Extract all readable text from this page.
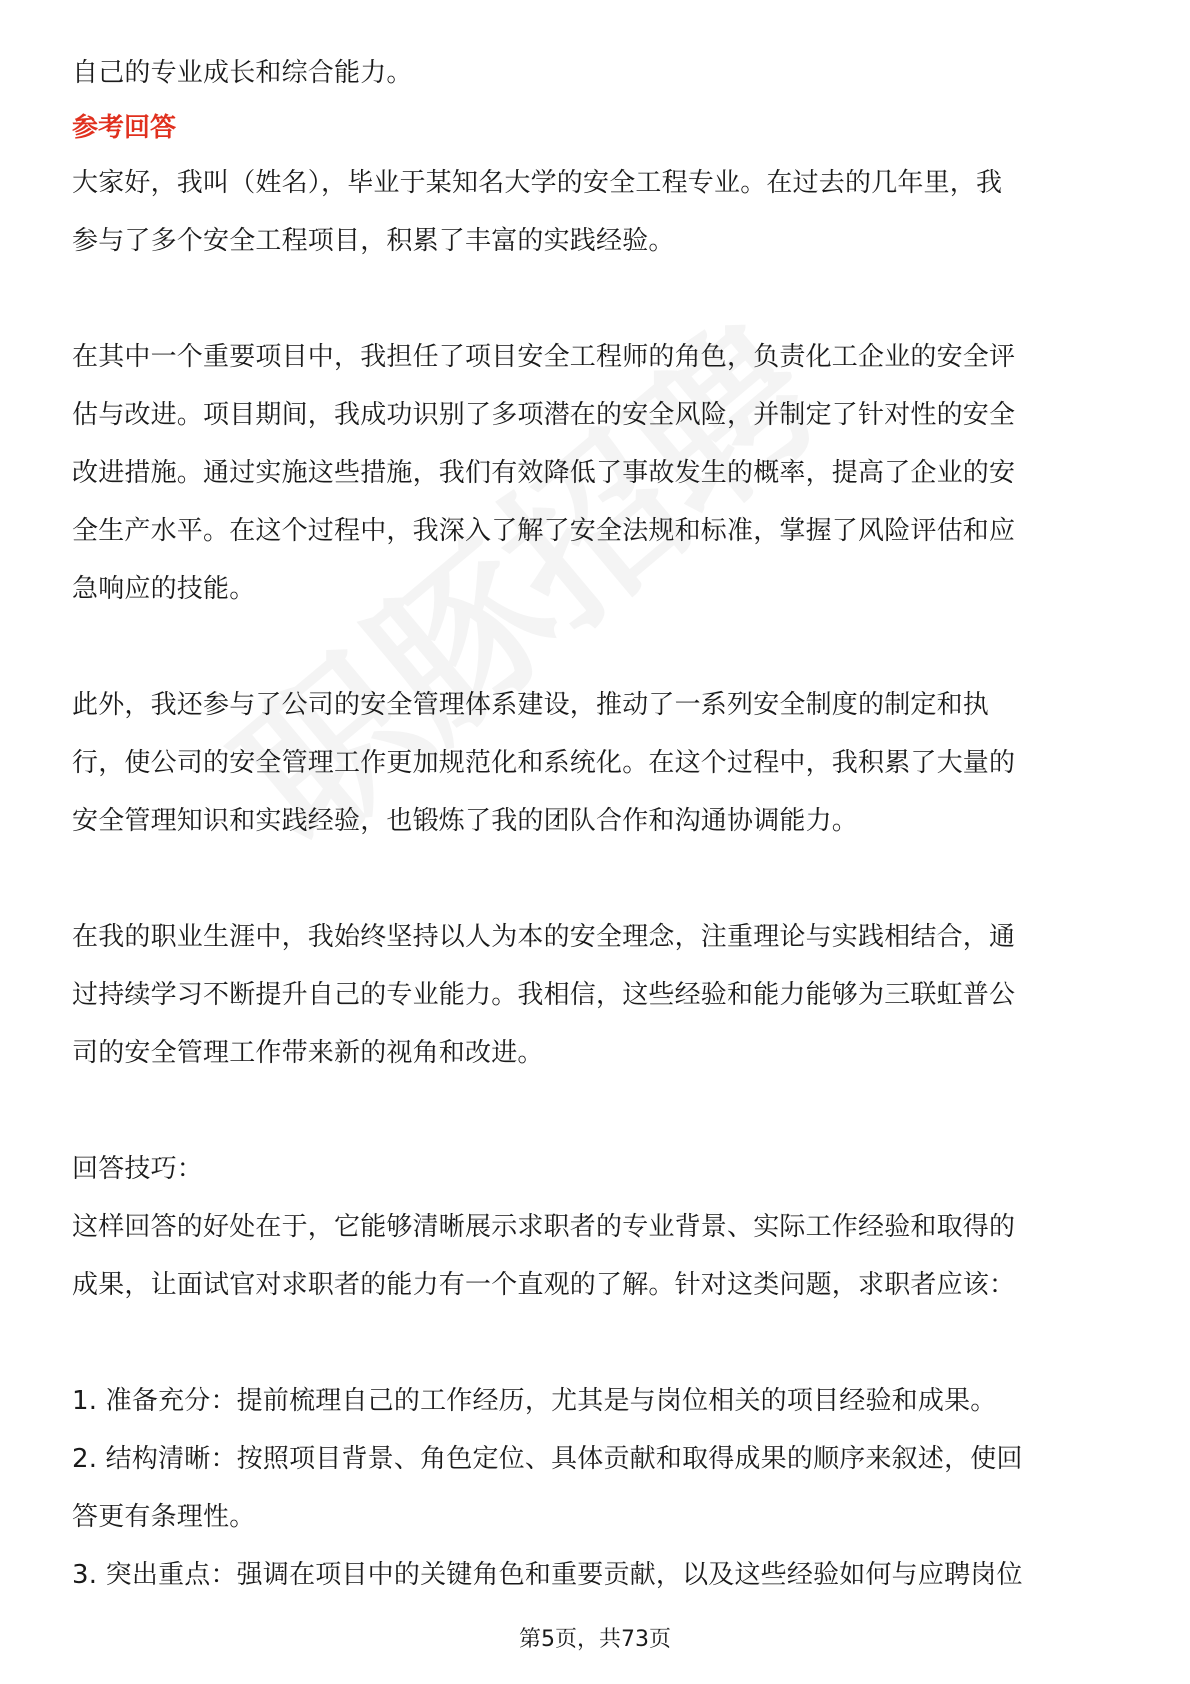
自己的专业成长和综合能力。
参考回答
大家好，我叫（姓名），毕业于某知名大学的安全工程专业。在过去的几年里，我
参与了多个安全工程项目，积累了丰富的实践经验。
在其中一个重要项目中，我担任了项目安全工程师的角色，负责化工企业的安全评
估与改进。项目期间，我成功识别了多项潜在的安全风险，并制定了针对性的安全
改进措施。通过实施这些措施，我们有效降低了事故发生的概率，提高了企业的安
全生产水平。在这个过程中，我深入了解了安全法规和标准，掌握了风险评估和应
急响应的技能。
此外，我还参与了公司的安全管理体系建设，推动了一系列安全制度的制定和执
行，使公司的安全管理工作更加规范化和系统化。在这个过程中，我积累了大量的
安全管理知识和实践经验，也锻炼了我的团队合作和沟通协调能力。
在我的职业生涯中，我始终坚持以人为本的安全理念，注重理论与实践相结合，通
过持续学习不断提升自己的专业能力。我相信，这些经验和能力能够为三联虹普公
司的安全管理工作带来新的视角和改进。
回答技巧：
这样回答的好处在于，它能够清晰展示求职者的专业背景、实际工作经验和取得的
成果，让面试官对求职者的能力有一个直观的了解。针对这类问题，求职者应该：
1. 准备充分：提前梳理自己的工作经历，尤其是与岗位相关的项目经验和成果。
2. 结构清晰：按照项目背景、角色定位、具体贡献和取得成果的顺序来叙述，使回
答更有条理性。
3. 突出重点：强调在项目中的关键角色和重要贡献，以及这些经验如何与应聘岗位
第5页，共73页
